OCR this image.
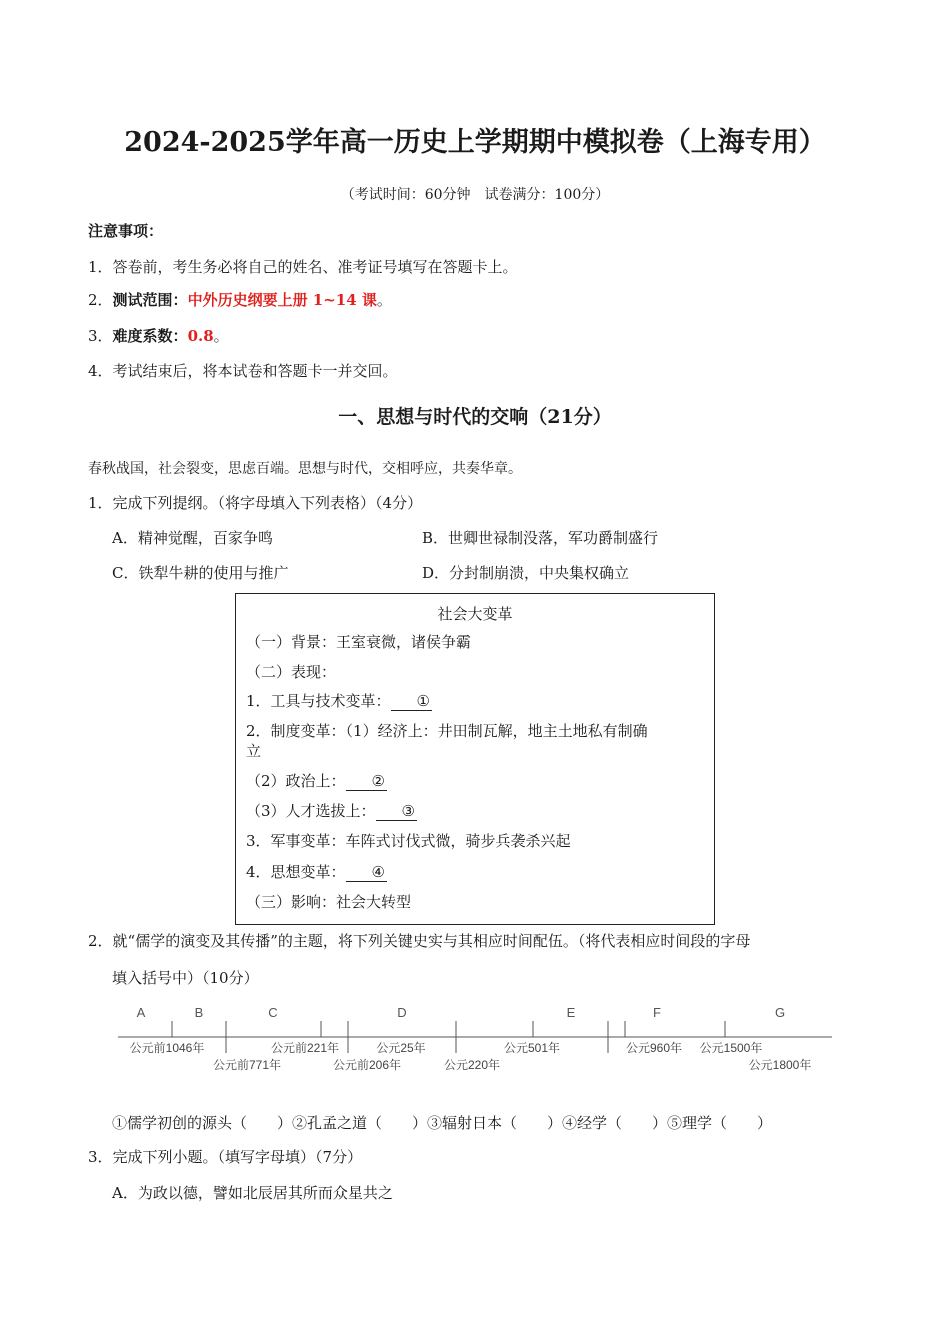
2024-2025学年高一历史上学期期中模拟卷（上海专用）
（考试时间：60分钟　试卷满分：100分）
注意事项：
1．答卷前，考生务必将自己的姓名、准考证号填写在答题卡上。
2．测试范围：中外历史纲要上册 1~14 课。
3．难度系数：0.8。
4．考试结束后，将本试卷和答题卡一并交回。
一、思想与时代的交响（21分）
春秋战国，社会裂变，思虑百端。思想与时代，交相呼应，共奏华章。
1．完成下列提纲。（将字母填入下列表格）（4分）
A．精神觉醒，百家争鸣	B．世卿世禄制没落，军功爵制盛行
C．铁犁牛耕的使用与推广	D．分封制崩溃，中央集权确立
社会大变革
（一）背景：王室衰微，诸侯争霸
（二）表现：
1．工具与技术变革： ①
2．制度变革：（1）经济上：井田制瓦解，地主土地私有制确
立
（2）政治上： ②
（3）人才选拔上： ③
3．军事变革：车阵式讨伐式微，骑步兵袭杀兴起
4．思想变革： ④
（三）影响：社会大转型
2．就“儒学的演变及其传播”的主题，将下列关键史实与其相应时间配伍。（将代表相应时间段的字母
填入括号中）（10分）
A	B	C	D	E	F	G
公元前1046年	公元前221年	公元25年	公元501年	公元960年 公元1500年
公元前771年	公元前206年	公元220年	公元1800年
①儒学初创的源头（　　）②孔孟之道（　　）③辐射日本（　　）④经学（　　）⑤理学（　　）
3．完成下列小题。（填写字母填）（7分）
A．为政以德，譬如北辰居其所而众星共之
